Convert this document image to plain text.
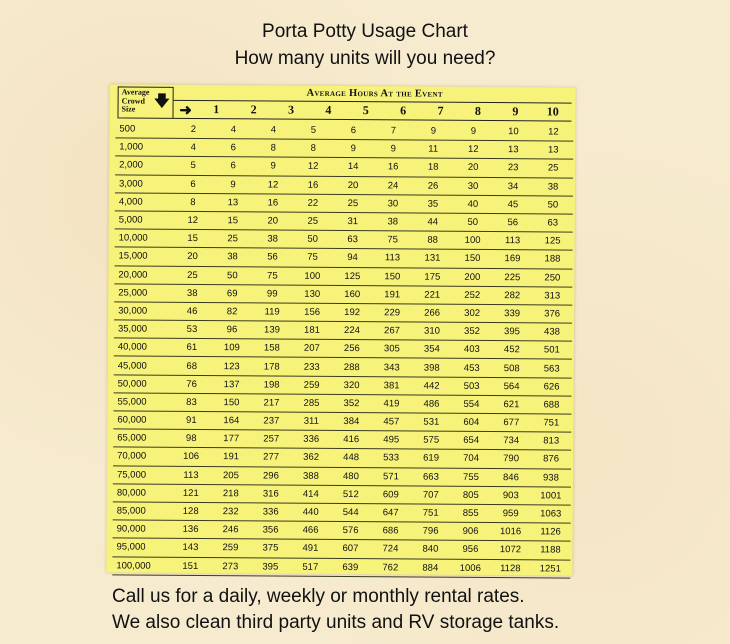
Porta Potty Usage Chart
How many units will you need?
Average Crowd Size	🡇	Average Hours At the Event
➜	1	2	3	4	5	6	7	8	9	10
500	2	4	4	5	6	7	9	9	10	12
1,000	4	6	8	8	9	9	11	12	13	13
2,000	5	6	9	12	14	16	18	20	23	25
3,000	6	9	12	16	20	24	26	30	34	38
4,000	8	13	16	22	25	30	35	40	45	50
5,000	12	15	20	25	31	38	44	50	56	63
10,000	15	25	38	50	63	75	88	100	113	125
15,000	20	38	56	75	94	113	131	150	169	188
20,000	25	50	75	100	125	150	175	200	225	250
25,000	38	69	99	130	160	191	221	252	282	313
30,000	46	82	119	156	192	229	266	302	339	376
35,000	53	96	139	181	224	267	310	352	395	438
40,000	61	109	158	207	256	305	354	403	452	501
45,000	68	123	178	233	288	343	398	453	508	563
50,000	76	137	198	259	320	381	442	503	564	626
55,000	83	150	217	285	352	419	486	554	621	688
60,000	91	164	237	311	384	457	531	604	677	751
65,000	98	177	257	336	416	495	575	654	734	813
70,000	106	191	277	362	448	533	619	704	790	876
75,000	113	205	296	388	480	571	663	755	846	938
80,000	121	218	316	414	512	609	707	805	903	1001
85,000	128	232	336	440	544	647	751	855	959	1063
90,000	136	246	356	466	576	686	796	906	1016	1126
95,000	143	259	375	491	607	724	840	956	1072	1188
100,000	151	273	395	517	639	762	884	1006	1128	1251
Call us for a daily, weekly or monthly rental rates.
We also clean third party units and RV storage tanks.
